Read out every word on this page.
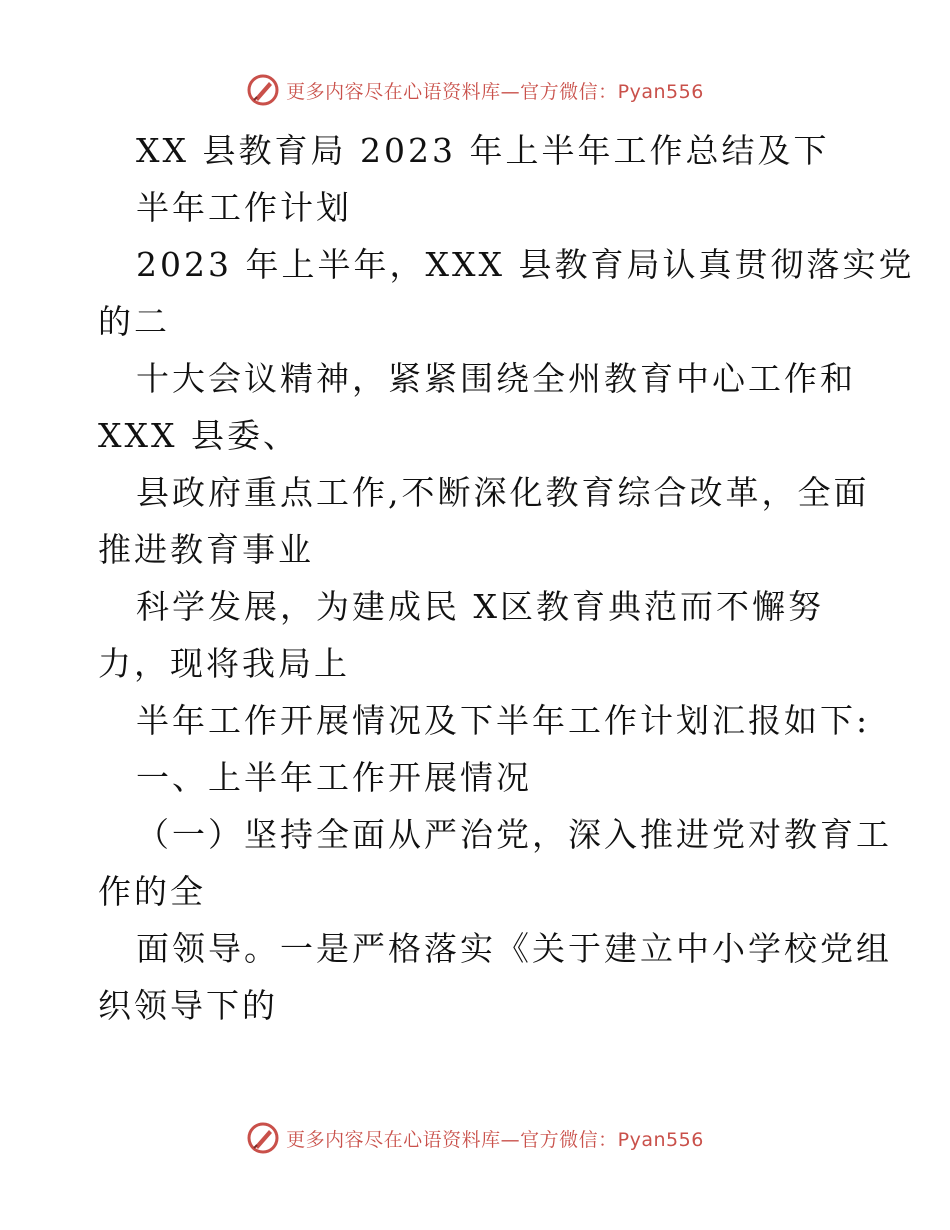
更多内容尽在心语资料库—官方微信：Pyan556
XX 县教育局 2023 年上半年工作总结及下
半年工作计划
2023 年上半年，XXX 县教育局认真贯彻落实党
的二
十大会议精神，紧紧围绕全州教育中心工作和
XXX 县委、
县政府重点工作,不断深化教育综合改革，全面
推进教育事业
科学发展，为建成民 X区教育典范而不懈努
力，现将我局上
半年工作开展情况及下半年工作计划汇报如下:
一、上半年工作开展情况
（一）坚持全面从严治党，深入推进党对教育工
作的全
面领导。一是严格落实《关于建立中小学校党组
织领导下的
更多内容尽在心语资料库—官方微信：Pyan556
